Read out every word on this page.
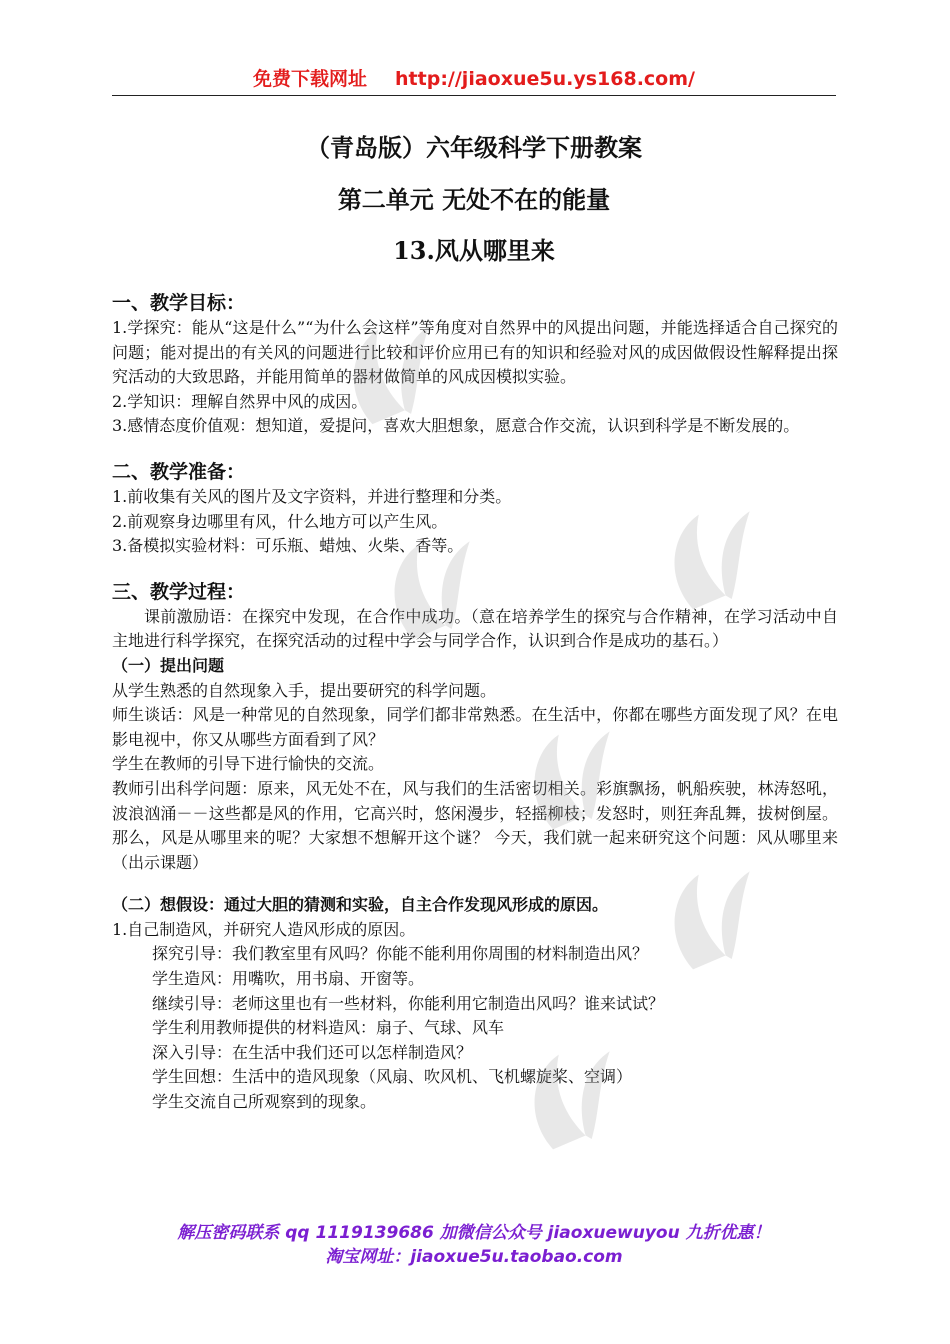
免费下载网址 http://jiaoxue5u.ys168.com/
（青岛版）六年级科学下册教案
第二单元 无处不在的能量
13.风从哪里来
一、教学目标：

1.学探究：能从“这是什么”“为什么会这样”等角度对自然界中的风提出问题，并能选择适合自己探究的问题；能对提出的有关风的问题进行比较和评价应用已有的知识和经验对风的成因做假设性解释提出探究活动的大致思路，并能用简单的器材做简单的风成因模拟实验。

2.学知识：理解自然界中风的成因。

3.感情态度价值观：想知道，爱提问，喜欢大胆想象，愿意合作交流，认识到科学是不断发展的。

二、教学准备：

1.前收集有关风的图片及文字资料，并进行整理和分类。

2.前观察身边哪里有风，什么地方可以产生风。

3.备模拟实验材料：可乐瓶、蜡烛、火柴、香等。

三、教学过程：

课前激励语：在探究中发现，在合作中成功。（意在培养学生的探究与合作精神，在学习活动中自主地进行科学探究，在探究活动的过程中学会与同学合作，认识到合作是成功的基石。）

（一）提出问题

从学生熟悉的自然现象入手，提出要研究的科学问题。

师生谈话：风是一种常见的自然现象，同学们都非常熟悉。在生活中，你都在哪些方面发现了风？在电影电视中，你又从哪些方面看到了风？

学生在教师的引导下进行愉快的交流。

教师引出科学问题：原来，风无处不在，风与我们的生活密切相关。彩旗飘扬，帆船疾驶，林涛怒吼，波浪汹涌－－这些都是风的作用，它高兴时，悠闲漫步，轻摇柳枝；发怒时，则狂奔乱舞，拔树倒屋。那么，风是从哪里来的呢？大家想不想解开这个谜？ 今天，我们就一起来研究这个问题：风从哪里来（出示课题）

（二）想假设：通过大胆的猜测和实验，自主合作发现风形成的原因。

1.自己制造风，并研究人造风形成的原因。

探究引导：我们教室里有风吗？你能不能利用你周围的材料制造出风？

学生造风：用嘴吹，用书扇、开窗等。

继续引导：老师这里也有一些材料，你能利用它制造出风吗？谁来试试？

学生利用教师提供的材料造风：扇子、气球、风车

深入引导：在生活中我们还可以怎样制造风？

学生回想：生活中的造风现象（风扇、吹风机、飞机螺旋桨、空调）

学生交流自己所观察到的现象。

解压密码联系 qq 1119139686 加微信公众号 jiaoxuewuyou 九折优惠！
淘宝网址：jiaoxue5u.taobao.com
